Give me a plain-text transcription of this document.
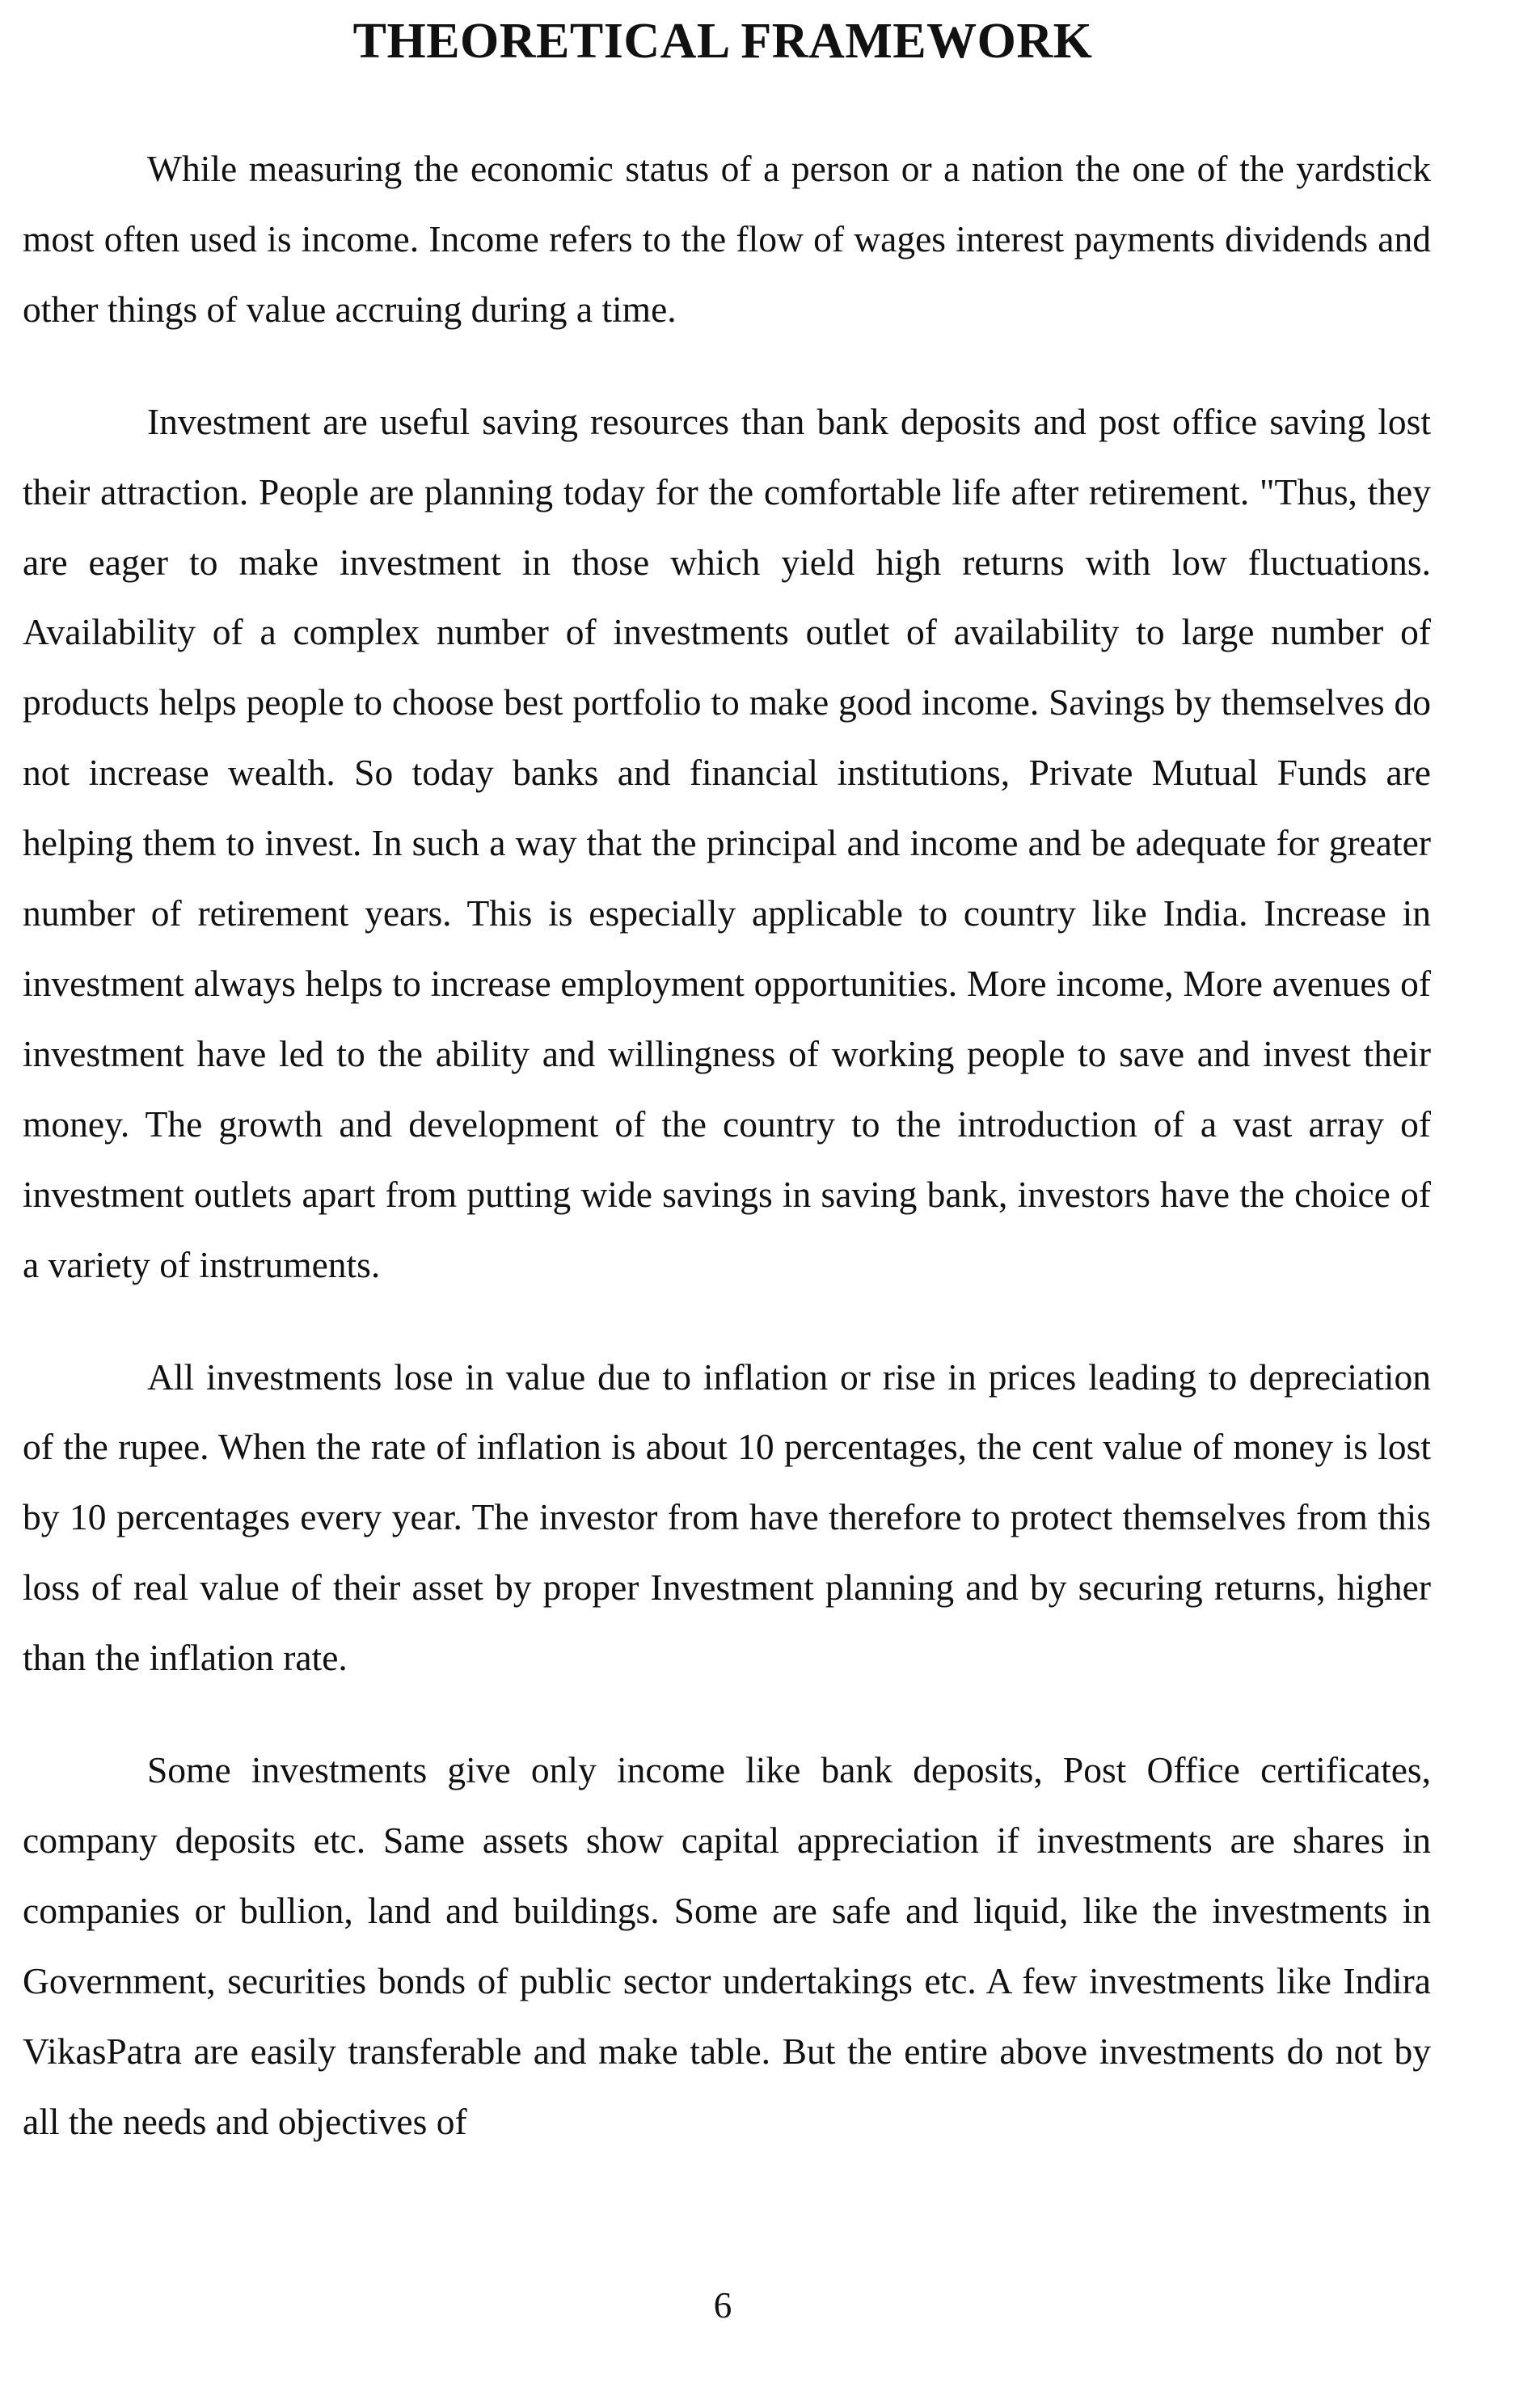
THEORETICAL FRAMEWORK

While measuring the economic status of a person or a nation the one of the yardstick most often used is income. Income refers to the flow of wages interest payments dividends and other things of value accruing during a time.

Investment are useful saving resources than bank deposits and post office saving lost their attraction. People are planning today for the comfortable life after retirement. "Thus, they are eager to make investment in those which yield high returns with low fluctuations. Availability of a complex number of investments outlet of availability to large number of products helps people to choose best portfolio to make good income. Savings by themselves do not increase wealth. So today banks and financial institutions, Private Mutual Funds are helping them to invest. In such a way that the principal and income and be adequate for greater number of retirement years. This is especially applicable to country like India. Increase in investment always helps to increase employment opportunities. More income, More avenues of investment have led to the ability and willingness of working people to save and invest their money. The growth and development of the country to the introduction of a vast array of investment outlets apart from putting wide savings in saving bank, investors have the choice of a variety of instruments.

All investments lose in value due to inflation or rise in prices leading to depreciation of the rupee. When the rate of inflation is about 10 percentages, the cent value of money is lost by 10 percentages every year. The investor from have therefore to protect themselves from this loss of real value of their asset by proper Investment planning and by securing returns, higher than the inflation rate.

Some investments give only income like bank deposits, Post Office certificates, company deposits etc. Same assets show capital appreciation if investments are shares in companies or bullion, land and buildings. Some are safe and liquid, like the investments in Government, securities bonds of public sector undertakings etc. A few investments like Indira VikasPatra are easily transferable and make table. But the entire above investments do not by all the needs and objectives of

6
